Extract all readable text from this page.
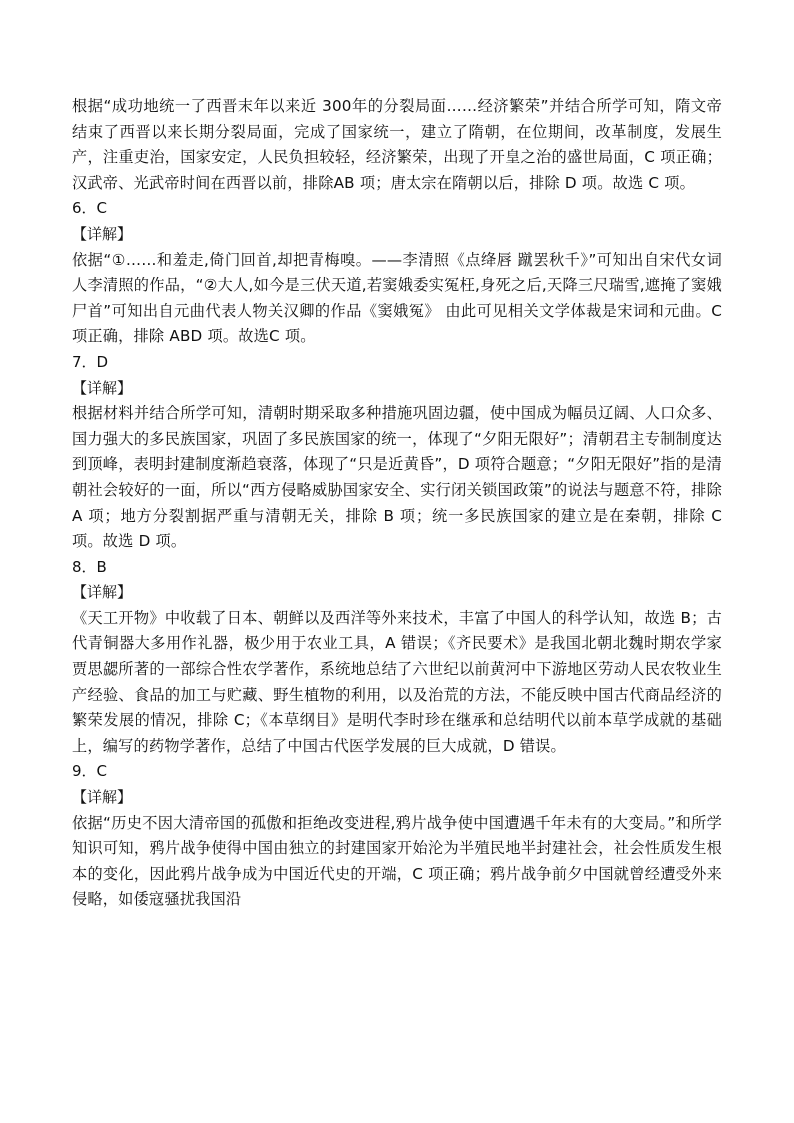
根据“成功地统一了西晋末年以来近 300年的分裂局面……经济繁荣”并结合所学可知，隋文帝结束了西晋以来长期分裂局面，完成了国家统一，建立了隋朝，在位期间，改革制度，发展生产，注重吏治，国家安定，人民负担较轻，经济繁荣，出现了开皇之治的盛世局面，C 项正确；汉武帝、光武帝时间在西晋以前，排除AB 项；唐太宗在隋朝以后，排除 D 项。故选 C 项。

6．C

【详解】

依据“①……和羞走,倚门回首,却把青梅嗅。——李清照《点绛唇 蹴罢秋千》”可知出自宋代女词人李清照的作品，“②大人,如今是三伏天道,若窦娥委实冤枉,身死之后,天降三尺瑞雪,遮掩了窦娥尸首”可知出自元曲代表人物关汉卿的作品《窦娥冤》 由此可见相关文学体裁是宋词和元曲。C 项正确，排除 ABD 项。故选C 项。

7．D

【详解】

根据材料并结合所学可知，清朝时期采取多种措施巩固边疆，使中国成为幅员辽阔、人口众多、国力强大的多民族国家，巩固了多民族国家的统一，体现了“夕阳无限好”；清朝君主专制制度达到顶峰，表明封建制度渐趋衰落，体现了“只是近黄昏”，D 项符合题意；“夕阳无限好”指的是清朝社会较好的一面，所以“西方侵略威胁国家安全、实行闭关锁国政策”的说法与题意不符，排除 A 项；地方分裂割据严重与清朝无关，排除 B 项；统一多民族国家的建立是在秦朝，排除 C 项。故选 D 项。

8．B

【详解】

《天工开物》中收载了日本、朝鲜以及西洋等外来技术，丰富了中国人的科学认知，故选 B；古代青铜器大多用作礼器，极少用于农业工具，A 错误；《齐民要术》是我国北朝北魏时期农学家贾思勰所著的一部综合性农学著作，系统地总结了六世纪以前黄河中下游地区劳动人民农牧业生产经验、食品的加工与贮藏、野生植物的利用，以及治荒的方法，不能反映中国古代商品经济的繁荣发展的情况，排除 C；《本草纲目》是明代李时珍在继承和总结明代以前本草学成就的基础上，编写的药物学著作，总结了中国古代医学发展的巨大成就，D 错误。

9．C

【详解】

依据“历史不因大清帝国的孤傲和拒绝改变进程,鸦片战争使中国遭遇千年未有的大变局。”和所学知识可知，鸦片战争使得中国由独立的封建国家开始沦为半殖民地半封建社会，社会性质发生根本的变化，因此鸦片战争成为中国近代史的开端，C 项正确；鸦片战争前夕中国就曾经遭受外来侵略，如倭寇骚扰我国沿
